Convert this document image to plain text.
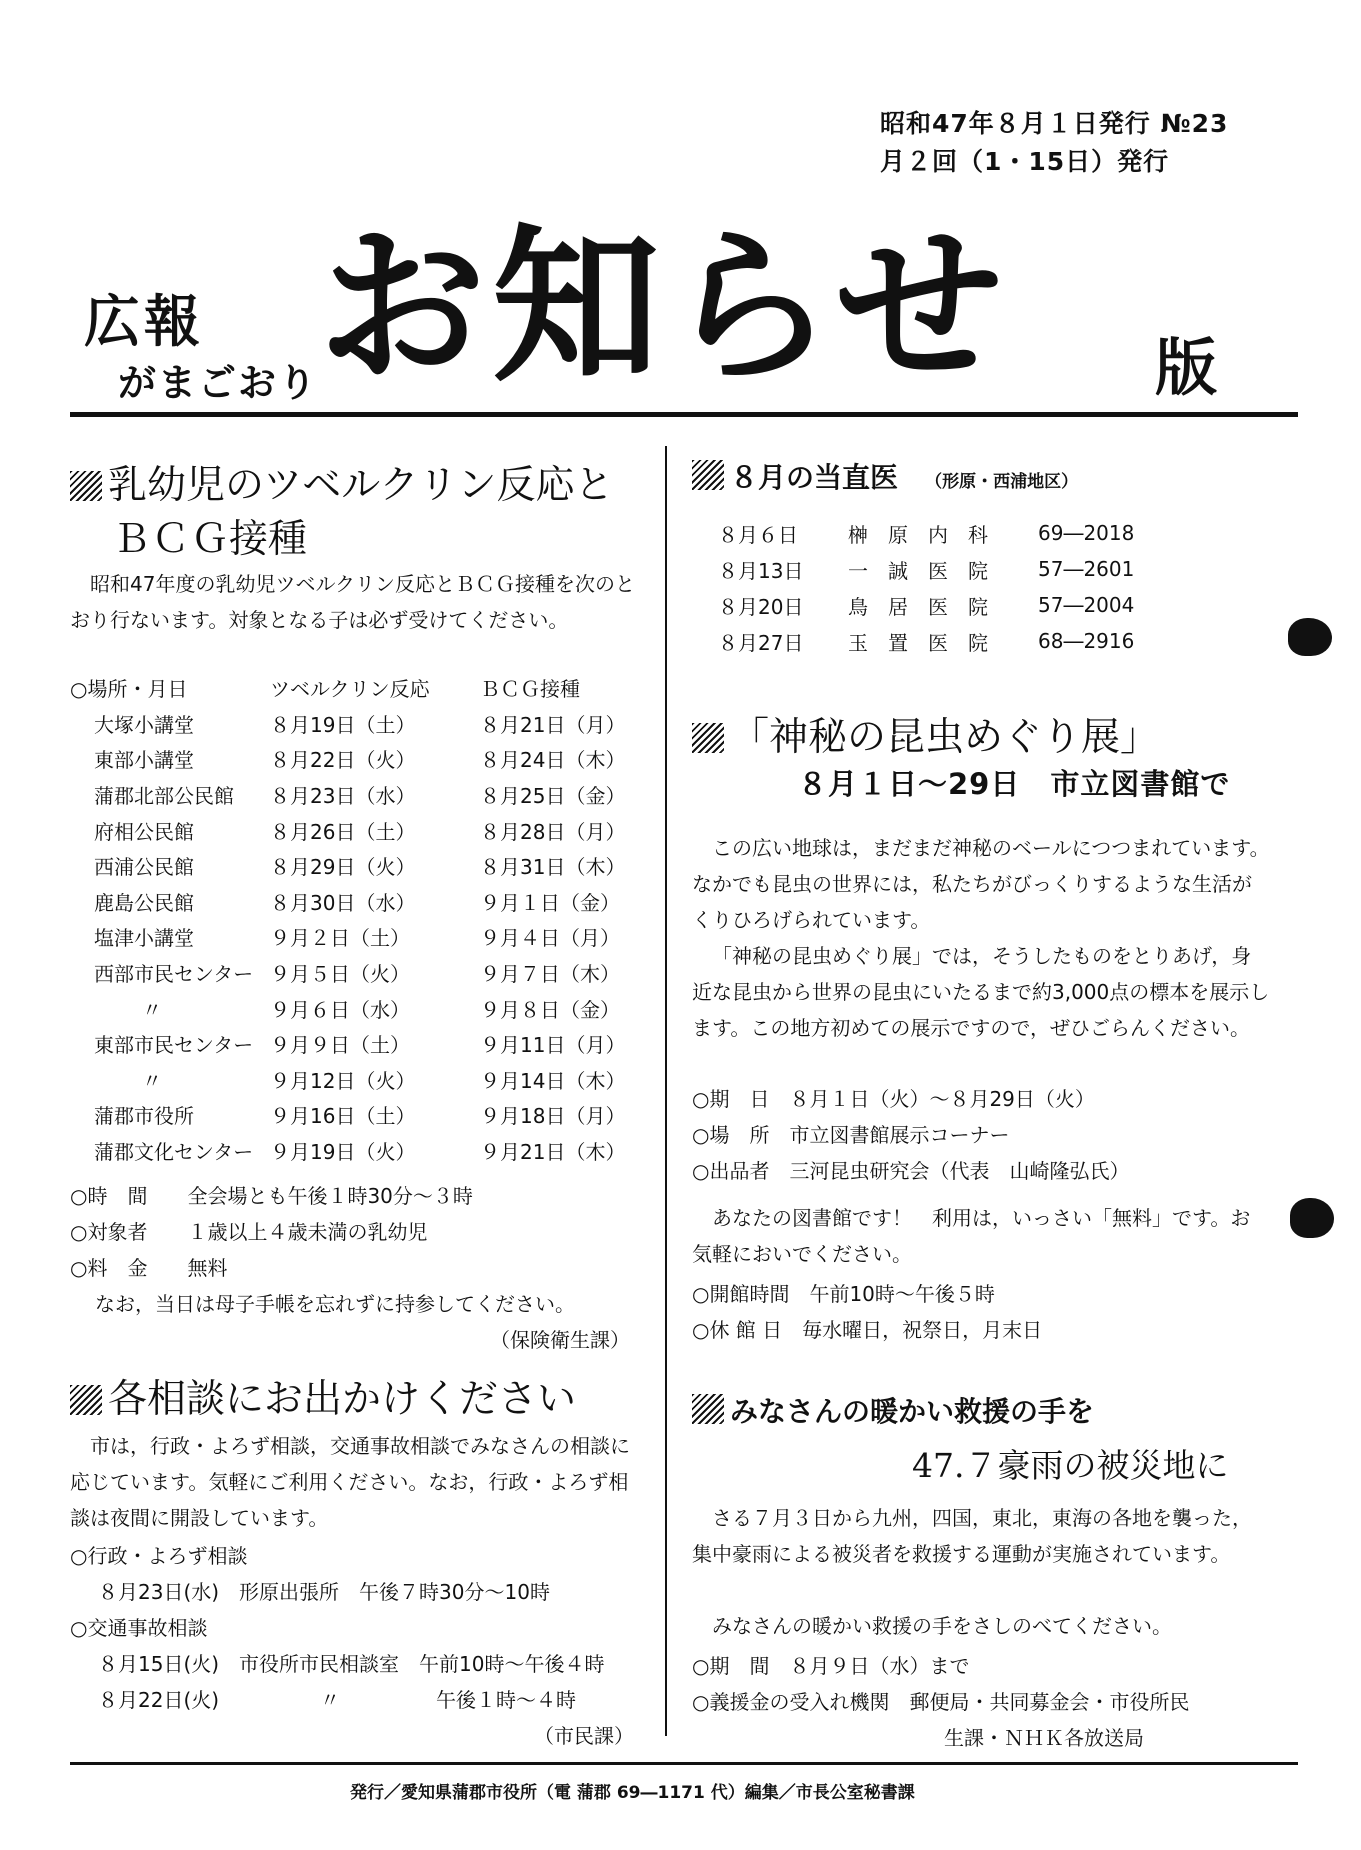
昭和47年８月１日発行 №23
月２回（1・15日）発行
広報
がまごおり お知らせ 版
乳幼児のツベルクリン反応と
ＢＣＧ接種
昭和47年度の乳幼児ツベルクリン反応とＢＣＧ接種を次のとおり行ないます。対象となる子は必ず受けてください。
○場所・月日	ツベルクリン反応	ＢＣＧ接種
大塚小講堂	８月19日（土）	８月21日（月）
東部小講堂	８月22日（火）	８月24日（木）
蒲郡北部公民館	８月23日（水）	８月25日（金）
府相公民館	８月26日（土）	８月28日（月）
西浦公民館	８月29日（火）	８月31日（木）
鹿島公民館	８月30日（水）	９月１日（金）
塩津小講堂	９月２日（土）	９月４日（月）
西部市民センター	９月５日（火）	９月７日（木）
〃	９月６日（水）	９月８日（金）
東部市民センター	９月９日（土）	９月11日（月）
〃	９月12日（火）	９月14日（木）
蒲郡市役所	９月16日（土）	９月18日（月）
蒲郡文化センター	９月19日（火）	９月21日（木）
○時　間　　全会場とも午後１時30分～３時
○対象者　　１歳以上４歳未満の乳幼児
○料　金　　無料
なお，当日は母子手帳を忘れずに持参してください。
（保険衛生課）
各相談にお出かけください
市は，行政・よろず相談，交通事故相談でみなさんの相談に応じています。気軽にご利用ください。なお，行政・よろず相談は夜間に開設しています。
○行政・よろず相談
８月23日(水)　形原出張所　午後７時30分～10時
○交通事故相談
８月15日(火)　市役所市民相談室　午前10時～午後４時
８月22日(火)	〃	午後１時～４時
（市民課）
８月の当直医 （形原・西浦地区）
８月６日	榊　原　内　科	69―2018
８月13日	一　誠　医　院	57―2601
８月20日	鳥　居　医　院	57―2004
８月27日	玉　置　医　院	68―2916
「神秘の昆虫めぐり展」
８月１日～29日　市立図書館で
この広い地球は，まだまだ神秘のベールにつつまれています。なかでも昆虫の世界には，私たちがびっくりするような生活がくりひろげられています。
「神秘の昆虫めぐり展」では，そうしたものをとりあげ，身近な昆虫から世界の昆虫にいたるまで約3,000点の標本を展示します。この地方初めての展示ですので，ぜひごらんください。
○期　日　８月１日（火）～８月29日（火）
○場　所　市立図書館展示コーナー
○出品者　三河昆虫研究会（代表　山崎隆弘氏）
あなたの図書館です！　利用は，いっさい「無料」です。お気軽においでください。
○開館時間　午前10時～午後５時
○休 館 日　毎水曜日，祝祭日，月末日
みなさんの暖かい救援の手を
47.７豪雨の被災地に
さる７月３日から九州，四国，東北，東海の各地を襲った，集中豪雨による被災者を救援する運動が実施されています。
みなさんの暖かい救援の手をさしのべてください。
○期　間　８月９日（水）まで
○義援金の受入れ機関　郵便局・共同募金会・市役所民
生課・ＮＨＫ各放送局
発行／愛知県蒲郡市役所（電 蒲郡 69―1171 代）編集／市長公室秘書課
